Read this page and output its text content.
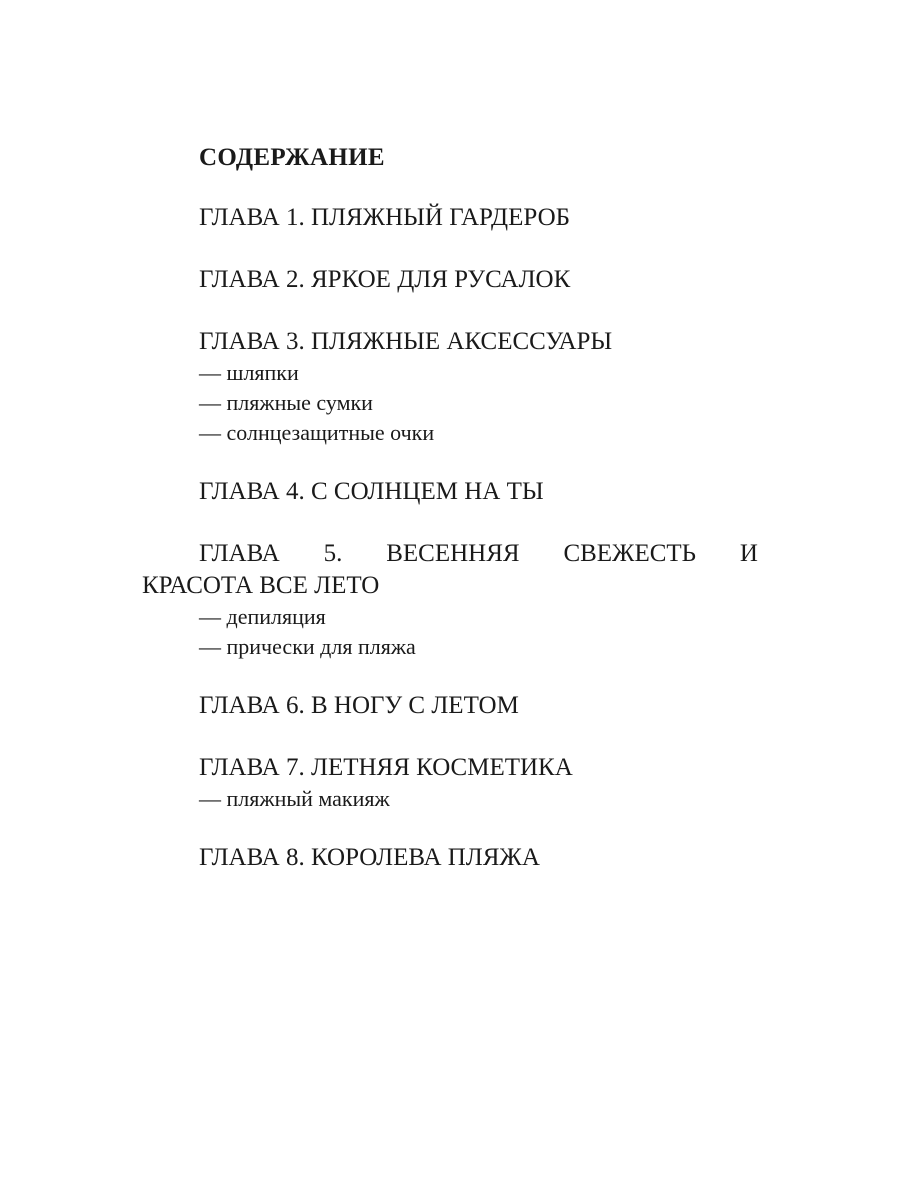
СОДЕРЖАНИЕ
ГЛАВА 1. ПЛЯЖНЫЙ ГАРДЕРОБ
ГЛАВА 2. ЯРКОЕ ДЛЯ РУСАЛОК
ГЛАВА 3. ПЛЯЖНЫЕ АКСЕССУАРЫ
— шляпки
— пляжные сумки
— солнцезащитные очки
ГЛАВА 4. С СОЛНЦЕМ НА ТЫ
ГЛАВА 5. ВЕСЕННЯЯ СВЕЖЕСТЬ И
КРАСОТА ВСЕ ЛЕТО
— депиляция
— прически для пляжа
ГЛАВА 6. В НОГУ С ЛЕТОМ
ГЛАВА 7. ЛЕТНЯЯ КОСМЕТИКА
— пляжный макияж
ГЛАВА 8. КОРОЛЕВА ПЛЯЖА
